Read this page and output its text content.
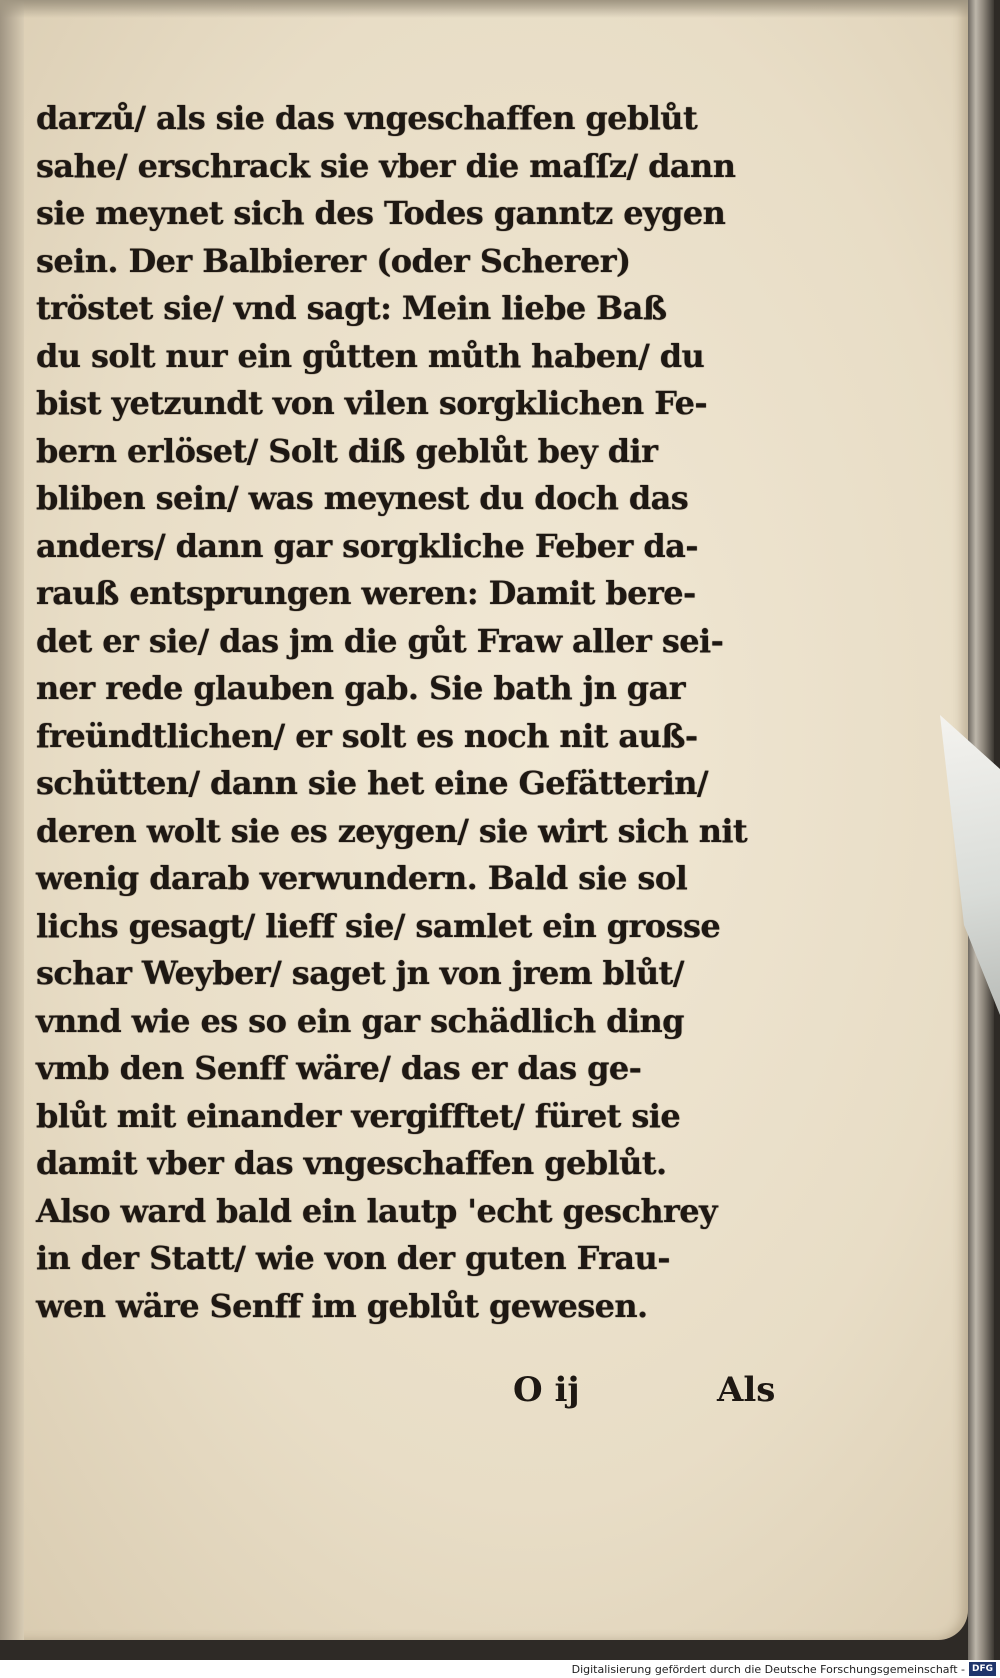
darzů/ als sie das vngeschaffen geblůt
sahe/ erschrack sie vber die maſſz/ dann
sie meynet sich des Todes ganntz eygen
sein. Der Balbierer (oder Scherer)
tröstet sie/ vnd sagt: Mein liebe Baß
du solt nur ein gůtten můth haben/ du
bist yetzundt von vilen sorgklichen Fe-
bern erlöset/ Solt diß geblůt bey dir
bliben sein/ was meynest du doch das
anders/ dann gar sorgkliche Feber da-
rauß entsprungen weren: Damit bere-
det er sie/ das jm die gůt Fraw aller sei-
ner rede glauben gab. Sie bath jn gar
freündtlichen/ er solt es noch nit auß-
schütten/ dann sie het eine Gefätterin/
deren wolt sie es zeygen/ sie wirt sich nit
wenig darab verwundern. Bald sie sol
lichs gesagt/ lieff sie/ samlet ein grosse
schar Weyber/ saget jn von jrem blůt/
vnnd wie es so ein gar schädlich ding
vmb den Senff wäre/ das er das ge-
blůt mit einander vergifftet/ füret sie
damit vber das vngeschaffen geblůt.
Also ward bald ein lautp 'echt geschrey
in der Statt/ wie von der guten Frau-
wen wäre Senff im geblůt gewesen.
O ij	Als
Digitalisierung gefördert durch die Deutsche Forschungsgemeinschaft - DFG
